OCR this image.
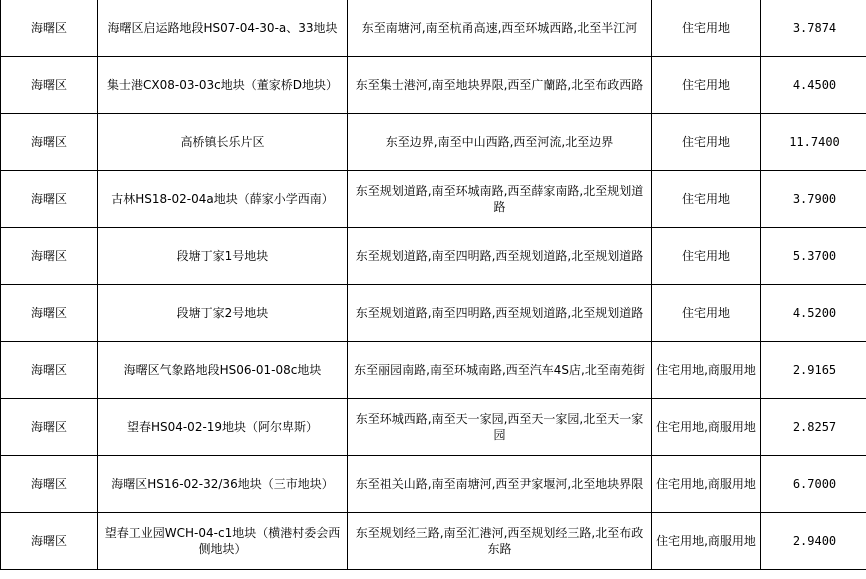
海曙区	海曙区启运路地段HS07-04-30-a、33地块	东至南塘河,南至杭甬高速,西至环城西路,北至半江河	住宅用地	3.7874
海曙区	集士港CX08-03-03c地块（董家桥D地块）	东至集士港河,南至地块界限,西至广蘭路,北至布政西路	住宅用地	4.4500
海曙区	高桥镇长乐片区	东至边界,南至中山西路,西至河流,北至边界	住宅用地	11.7400
海曙区	古林HS18-02-04a地块（薛家小学西南）	东至规划道路,南至环城南路,西至薛家南路,北至规划道路	住宅用地	3.7900
海曙区	段塘丁家1号地块	东至规划道路,南至四明路,西至规划道路,北至规划道路	住宅用地	5.3700
海曙区	段塘丁家2号地块	东至规划道路,南至四明路,西至规划道路,北至规划道路	住宅用地	4.5200
海曙区	海曙区气象路地段HS06-01-08c地块	东至丽园南路,南至环城南路,西至汽车4S店,北至南苑街	住宅用地,商服用地	2.9165
海曙区	望春HS04-02-19地块（阿尔卑斯）	东至环城西路,南至天一家园,西至天一家园,北至天一家园	住宅用地,商服用地	2.8257
海曙区	海曙区HS16-02-32/36地块（三市地块）	东至祖关山路,南至南塘河,西至尹家堰河,北至地块界限	住宅用地,商服用地	6.7000
海曙区	望春工业园WCH-04-c1地块（横港村委会西侧地块）	东至规划经三路,南至汇港河,西至规划经三路,北至布政东路	住宅用地,商服用地	2.9400
